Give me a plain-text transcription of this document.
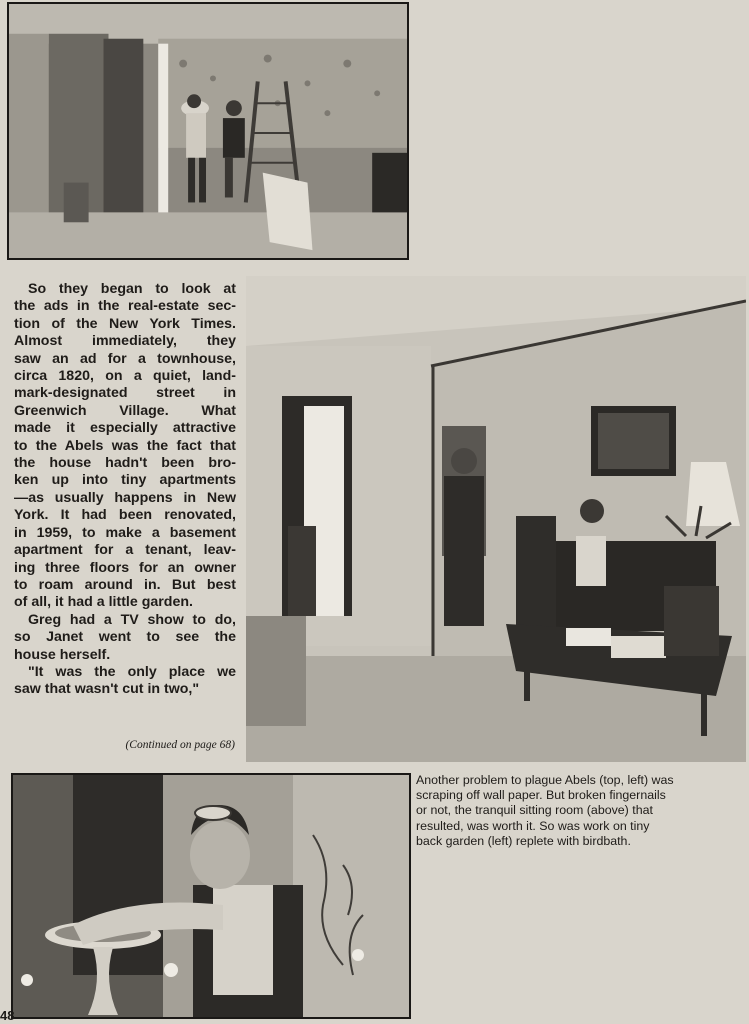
So they began to look at
the ads in the real-estate sec-
tion of the New York Times.
Almost immediately, they
saw an ad for a townhouse,
circa 1820, on a quiet, land-
mark-designated street in
Greenwich Village. What
made it especially attractive
to the Abels was the fact that
the house hadn't been bro-
ken up into tiny apartments
—as usually happens in New
York. It had been renovated,
in 1959, to make a basement
apartment for a tenant, leav-
ing three floors for an owner
to roam around in. But best
of all, it had a little garden.
Greg had a TV show to do,
so Janet went to see the
house herself.
"It was the only place we
saw that wasn't cut in two,"
(Continued on page 68)
Another problem to plague Abels (top, left) was
scraping off wall paper. But broken fingernails
or not, the tranquil sitting room (above) that
resulted, was worth it. So was work on tiny
back garden (left) replete with birdbath.
48
